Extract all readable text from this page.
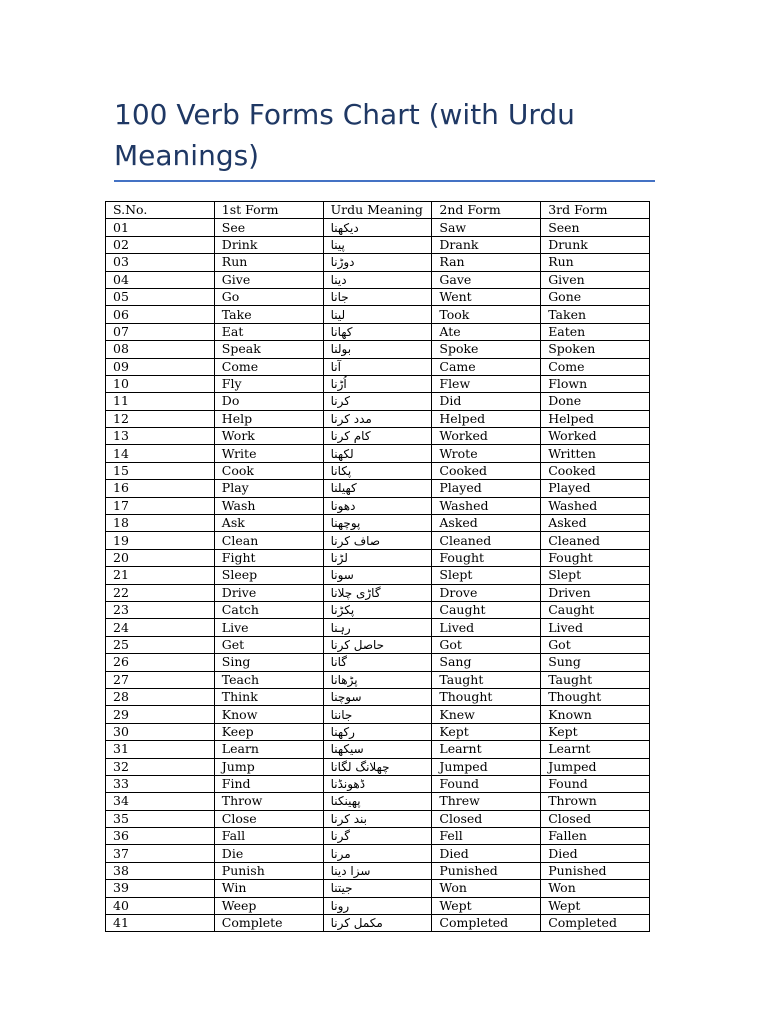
100 Verb Forms Chart (with Urdu Meanings)
S.No.	1st Form	Urdu Meaning	2nd Form	3rd Form
01	See	دیکھنا	Saw	Seen
02	Drink	پینا	Drank	Drunk
03	Run	دوڑنا	Ran	Run
04	Give	دینا	Gave	Given
05	Go	جانا	Went	Gone
06	Take	لینا	Took	Taken
07	Eat	کھانا	Ate	Eaten
08	Speak	بولنا	Spoke	Spoken
09	Come	آنا	Came	Come
10	Fly	اُڑنا	Flew	Flown
11	Do	کرنا	Did	Done
12	Help	مدد کرنا	Helped	Helped
13	Work	کام کرنا	Worked	Worked
14	Write	لکھنا	Wrote	Written
15	Cook	پکانا	Cooked	Cooked
16	Play	کھیلنا	Played	Played
17	Wash	دھونا	Washed	Washed
18	Ask	پوچھنا	Asked	Asked
19	Clean	صاف کرنا	Cleaned	Cleaned
20	Fight	لڑنا	Fought	Fought
21	Sleep	سونا	Slept	Slept
22	Drive	گاڑی چلانا	Drove	Driven
23	Catch	پکڑنا	Caught	Caught
24	Live	رہنا	Lived	Lived
25	Get	حاصل کرنا	Got	Got
26	Sing	گانا	Sang	Sung
27	Teach	پڑھانا	Taught	Taught
28	Think	سوچنا	Thought	Thought
29	Know	جاننا	Knew	Known
30	Keep	رکھنا	Kept	Kept
31	Learn	سیکھنا	Learnt	Learnt
32	Jump	چھلانگ لگانا	Jumped	Jumped
33	Find	ڈھونڈنا	Found	Found
34	Throw	پھینکنا	Threw	Thrown
35	Close	بند کرنا	Closed	Closed
36	Fall	گرنا	Fell	Fallen
37	Die	مرنا	Died	Died
38	Punish	سزا دینا	Punished	Punished
39	Win	جیتنا	Won	Won
40	Weep	رونا	Wept	Wept
41	Complete	مکمل کرنا	Completed	Completed
